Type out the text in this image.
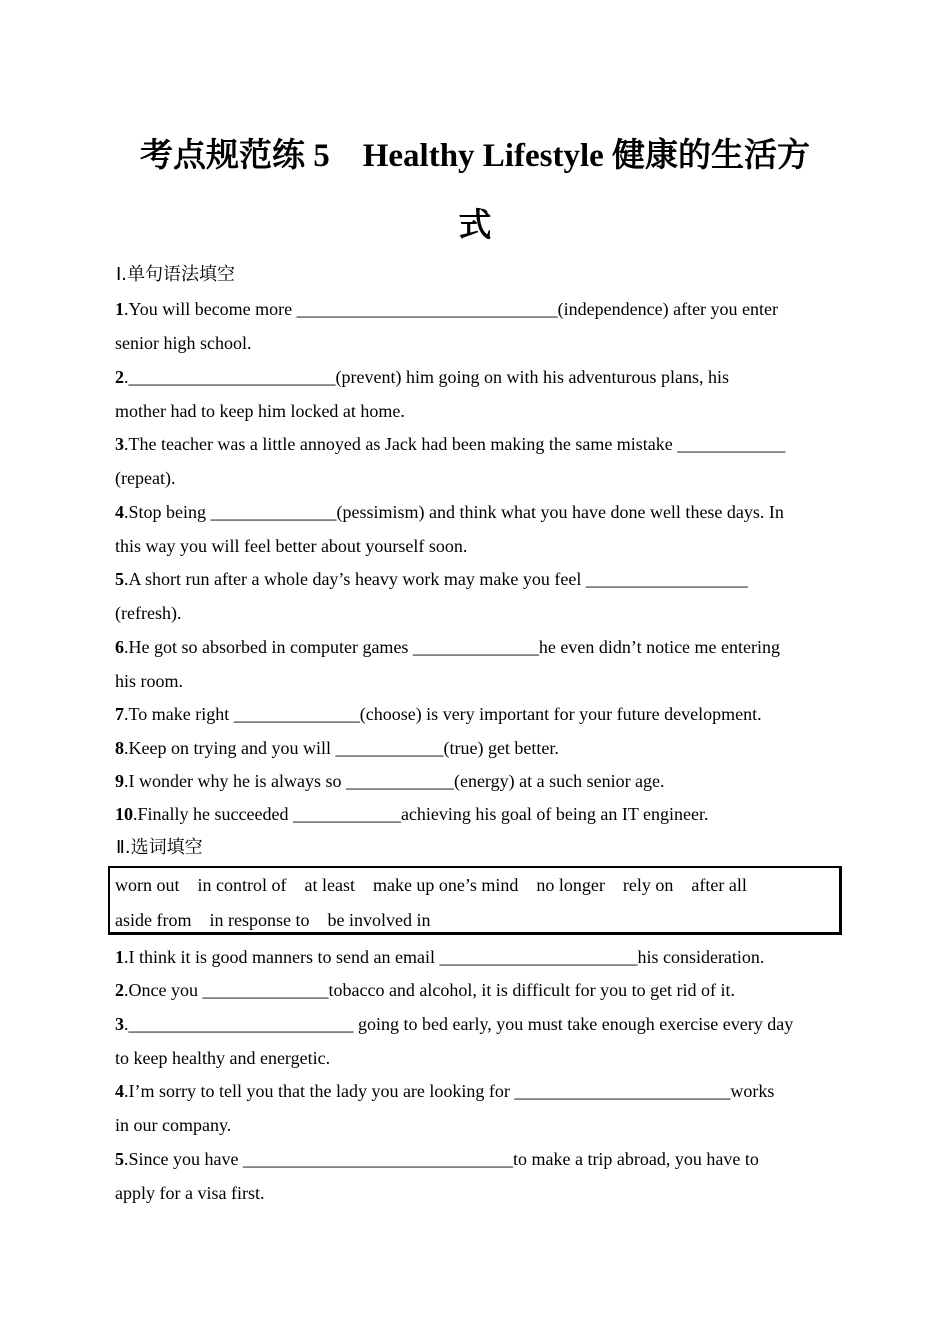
考点规范练 5　Healthy Lifestyle 健康的生活方
式
Ⅰ.单句语法填空
1.You will become more _____________________________(independence) after you enter
senior high school.
2._______________________(prevent) him going on with his adventurous plans, his
mother had to keep him locked at home.
3.The teacher was a little annoyed as Jack had been making the same mistake ____________
(repeat).
4.Stop being ______________(pessimism) and think what you have done well these days. In
this way you will feel better about yourself soon.
5.A short run after a whole day’s heavy work may make you feel __________________
(refresh).
6.He got so absorbed in computer games ______________he even didn’t notice me entering
his room.
7.To make right ______________(choose) is very important for your future development.
8.Keep on trying and you will ____________(true) get better.
9.I wonder why he is always so ____________(energy) at a such senior age.
10.Finally he succeeded ____________achieving his goal of being an IT engineer.
Ⅱ.选词填空
worn out    in control of    at least    make up one’s mind    no longer    rely on    after all
aside from    in response to    be involved in
1.I think it is good manners to send an email ______________________his consideration.
2.Once you ______________tobacco and alcohol, it is difficult for you to get rid of it.
3._________________________ going to bed early, you must take enough exercise every day
to keep healthy and energetic.
4.I’m sorry to tell you that the lady you are looking for ________________________works
in our company.
5.Since you have ______________________________to make a trip abroad, you have to
apply for a visa first.
